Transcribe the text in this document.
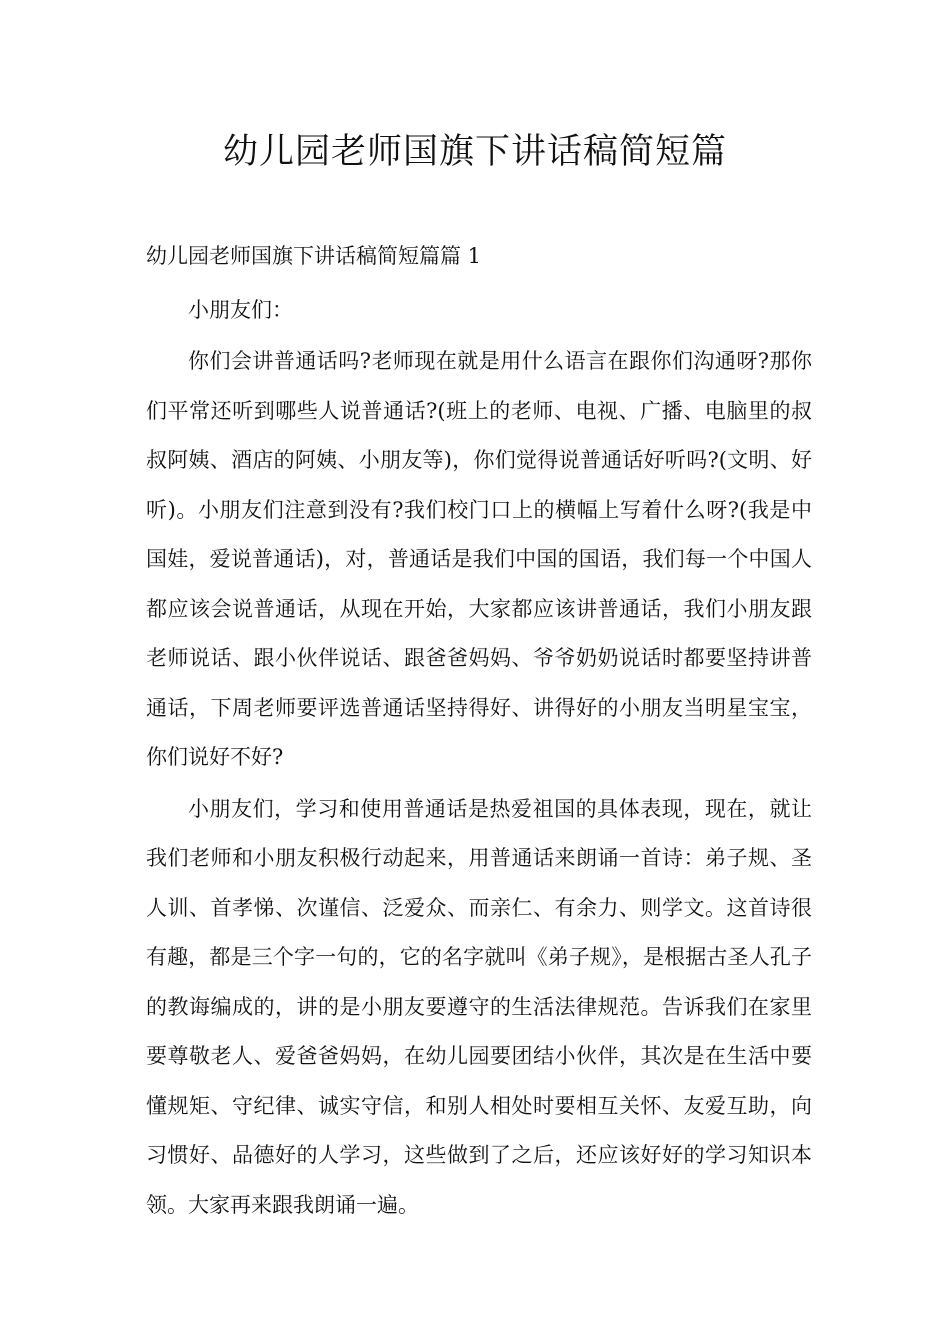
幼儿园老师国旗下讲话稿简短篇

幼儿园老师国旗下讲话稿简短篇篇 1

小朋友们：

你们会讲普通话吗?老师现在就是用什么语言在跟你们沟通呀?那你们平常还听到哪些人说普通话?(班上的老师、电视、广播、电脑里的叔叔阿姨、酒店的阿姨、小朋友等)，你们觉得说普通话好听吗?(文明、好听)。小朋友们注意到没有?我们校门口上的横幅上写着什么呀?(我是中国娃，爱说普通话)，对，普通话是我们中国的国语，我们每一个中国人都应该会说普通话，从现在开始，大家都应该讲普通话，我们小朋友跟老师说话、跟小伙伴说话、跟爸爸妈妈、爷爷奶奶说话时都要坚持讲普通话，下周老师要评选普通话坚持得好、讲得好的小朋友当明星宝宝，你们说好不好?

小朋友们，学习和使用普通话是热爱祖国的具体表现，现在，就让我们老师和小朋友积极行动起来，用普通话来朗诵一首诗：弟子规、圣人训、首孝悌、次谨信、泛爱众、而亲仁、有余力、则学文。这首诗很有趣，都是三个字一句的，它的名字就叫《弟子规》，是根据古圣人孔子的教诲编成的，讲的是小朋友要遵守的生活法律规范。告诉我们在家里要尊敬老人、爱爸爸妈妈，在幼儿园要团结小伙伴，其次是在生活中要懂规矩、守纪律、诚实守信，和别人相处时要相互关怀、友爱互助，向习惯好、品德好的人学习，这些做到了之后，还应该好好的学习知识本领。大家再来跟我朗诵一遍。
